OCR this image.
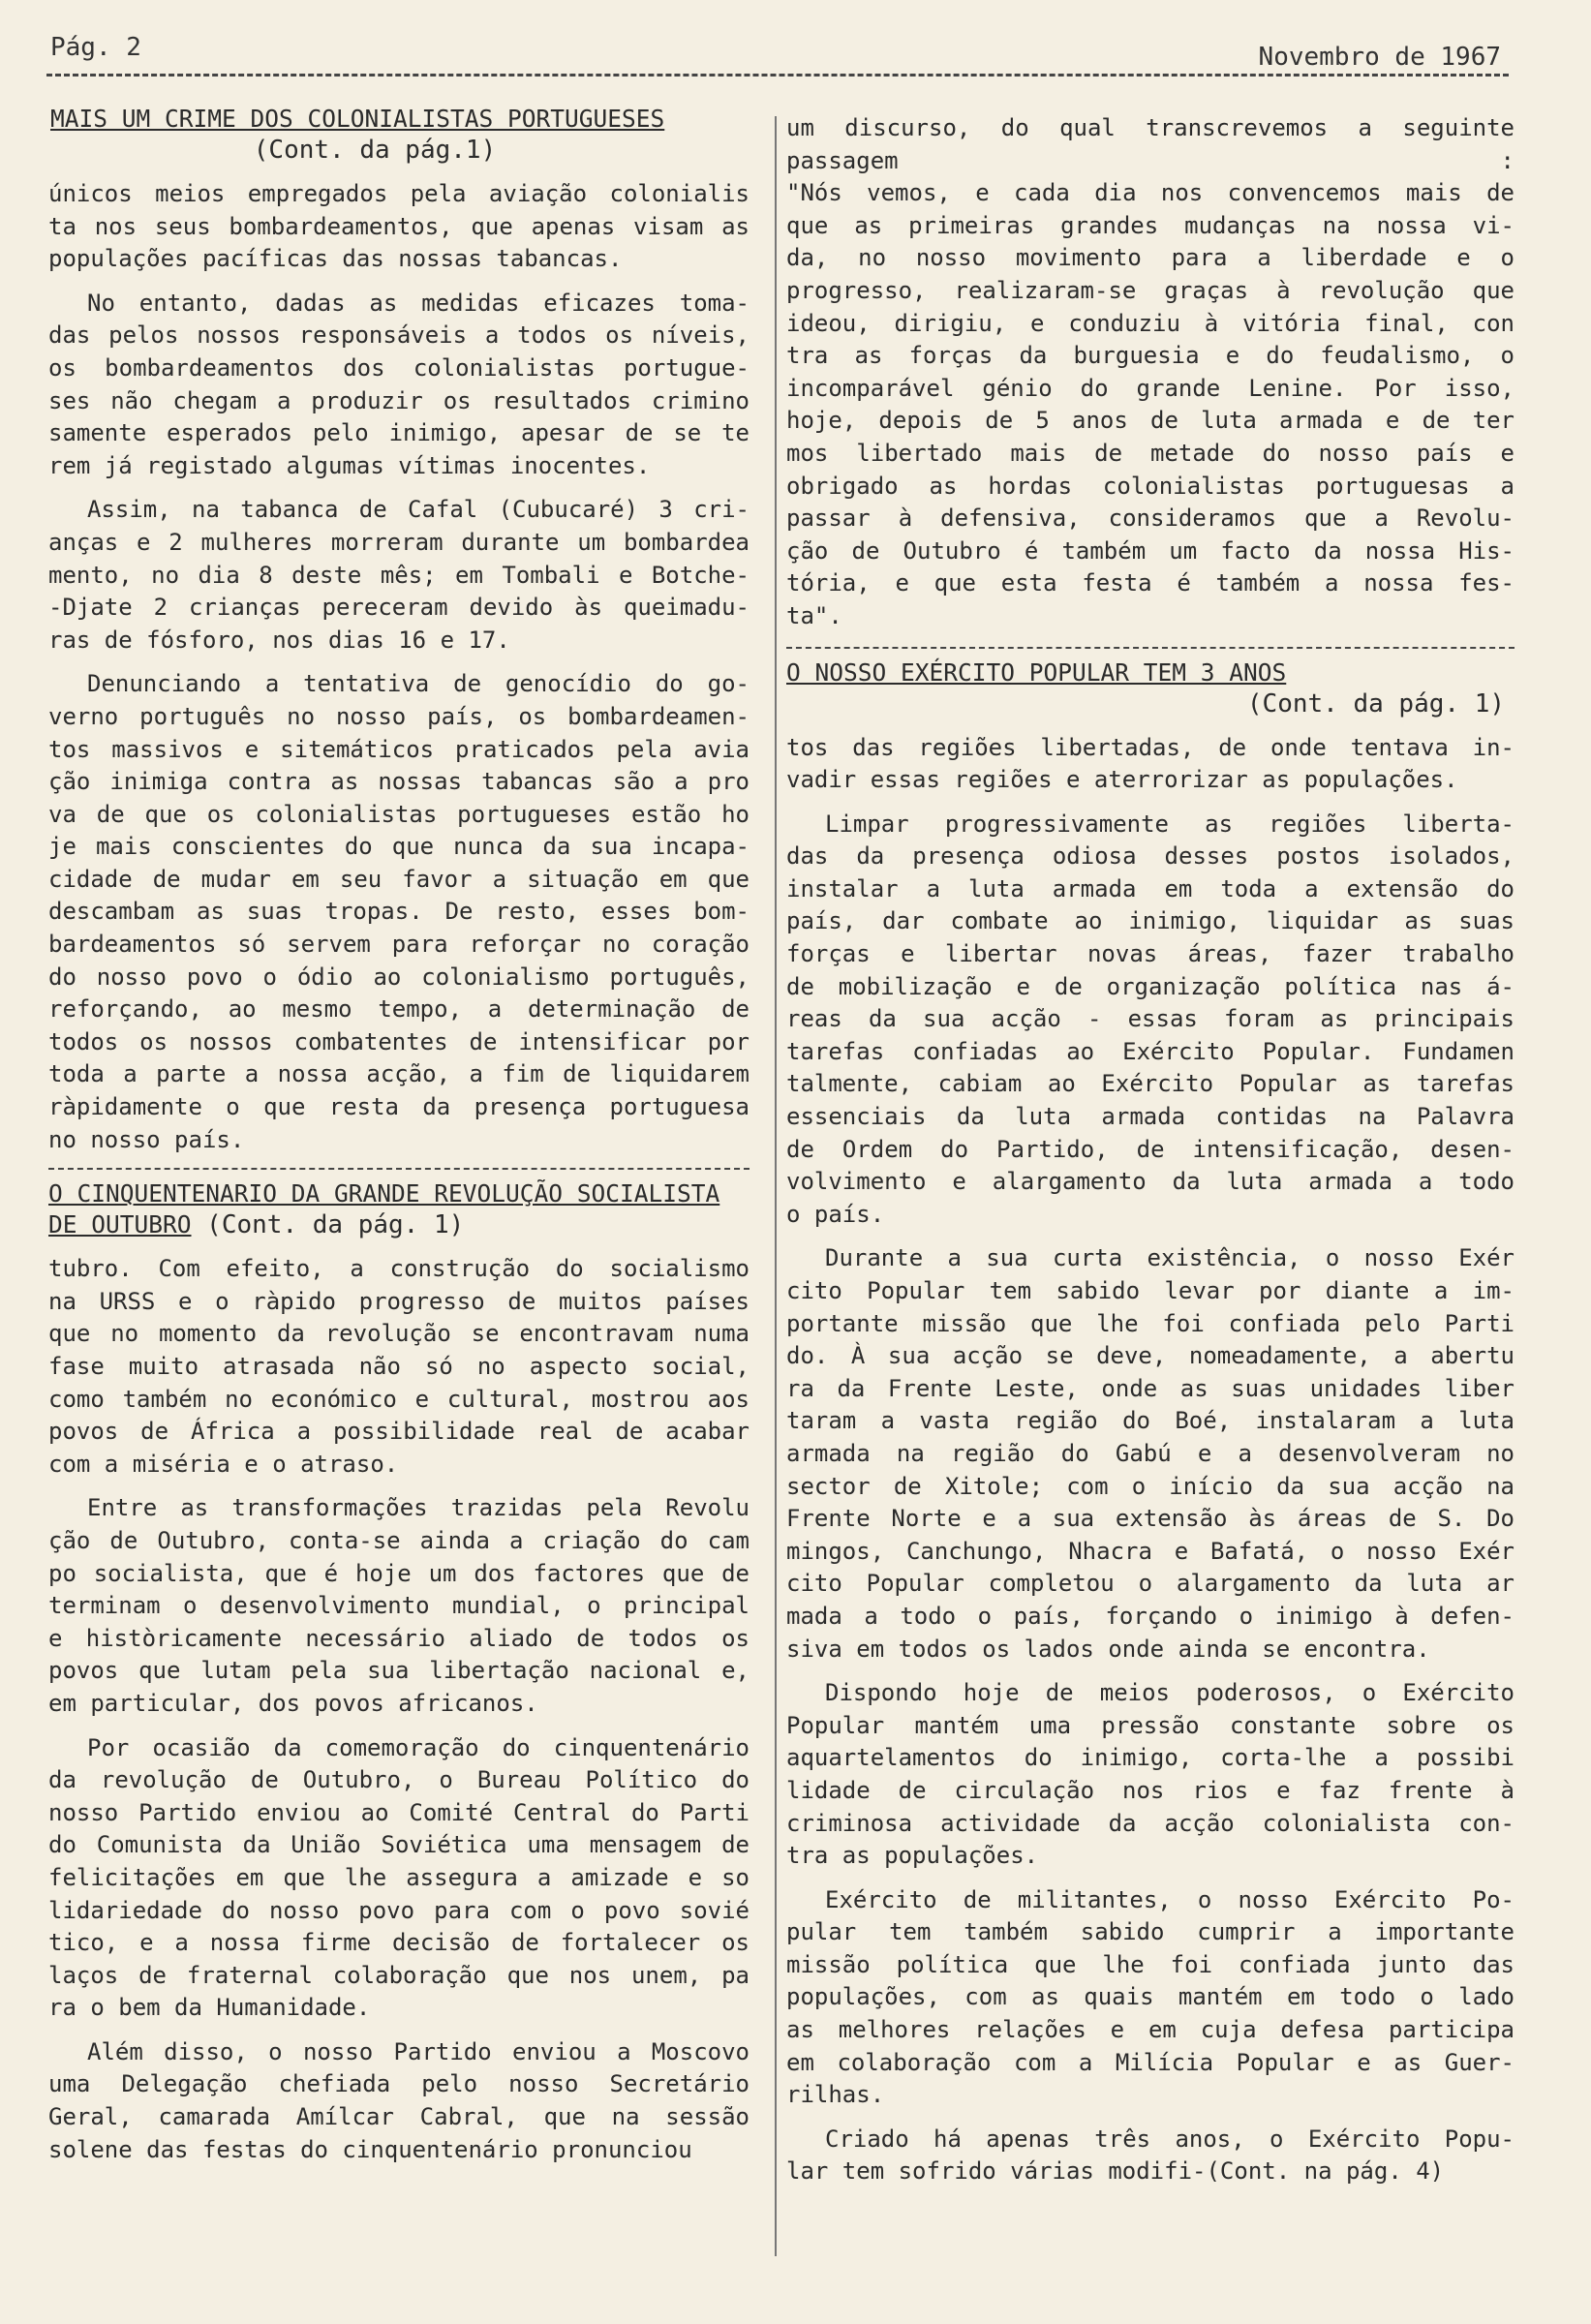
Pág. 2	Novembro de 1967
MAIS UM CRIME DOS COLONIALISTAS PORTUGUESES
(Cont. da pág.1)
únicos meios empregados pela aviação colonialis
ta nos seus bombardeamentos, que apenas visam as
populações pacíficas das nossas tabancas.
No entanto, dadas as medidas eficazes toma-
das pelos nossos responsáveis a todos os níveis,
os bombardeamentos dos colonialistas portugue-
ses não chegam a produzir os resultados crimino
samente esperados pelo inimigo, apesar de se te
rem já registado algumas vítimas inocentes.
Assim, na tabanca de Cafal (Cubucaré) 3 cri-
anças e 2 mulheres morreram durante um bombardea
mento, no dia 8 deste mês; em Tombali e Botche-
-Djate 2 crianças pereceram devido às queimadu-
ras de fósforo, nos dias 16 e 17.
Denunciando a tentativa de genocídio do go-
verno português no nosso país, os bombardeamen-
tos massivos e sitemáticos praticados pela avia
ção inimiga contra as nossas tabancas são a pro
va de que os colonialistas portugueses estão ho
je mais conscientes do que nunca da sua incapa-
cidade de mudar em seu favor a situação em que
descambam as suas tropas. De resto, esses bom-
bardeamentos só servem para reforçar no coração
do nosso povo o ódio ao colonialismo português,
reforçando, ao mesmo tempo, a determinação de
todos os nossos combatentes de intensificar por
toda a parte a nossa acção, a fim de liquidarem
ràpidamente o que resta da presença portuguesa
no nosso país.
O CINQUENTENARIO DA GRANDE REVOLUÇÃO SOCIALISTA
DE OUTUBRO (Cont. da pág. 1)
tubro. Com efeito, a construção do socialismo
na URSS e o ràpido progresso de muitos países
que no momento da revolução se encontravam numa
fase muito atrasada não só no aspecto social,
como também no económico e cultural, mostrou aos
povos de África a possibilidade real de acabar
com a miséria e o atraso.
Entre as transformações trazidas pela Revolu
ção de Outubro, conta-se ainda a criação do cam
po socialista, que é hoje um dos factores que de
terminam o desenvolvimento mundial, o principal
e històricamente necessário aliado de todos os
povos que lutam pela sua libertação nacional e,
em particular, dos povos africanos.
Por ocasião da comemoração do cinquentenário
da revolução de Outubro, o Bureau Político do
nosso Partido enviou ao Comité Central do Parti
do Comunista da União Soviética uma mensagem de
felicitações em que lhe assegura a amizade e so
lidariedade do nosso povo para com o povo sovié
tico, e a nossa firme decisão de fortalecer os
laços de fraternal colaboração que nos unem, pa
ra o bem da Humanidade.
Além disso, o nosso Partido enviou a Moscovo
uma Delegação chefiada pelo nosso Secretário
Geral, camarada Amílcar Cabral, que na sessão
solene das festas do cinquentenário pronunciou
um discurso, do qual transcrevemos a seguinte
passagem :
"Nós vemos, e cada dia nos convencemos mais de
que as primeiras grandes mudanças na nossa vi-
da, no nosso movimento para a liberdade e o
progresso, realizaram-se graças à revolução que
ideou, dirigiu, e conduziu à vitória final, con
tra as forças da burguesia e do feudalismo, o
incomparável génio do grande Lenine. Por isso,
hoje, depois de 5 anos de luta armada e de ter
mos libertado mais de metade do nosso país e
obrigado as hordas colonialistas portuguesas a
passar à defensiva, consideramos que a Revolu-
ção de Outubro é também um facto da nossa His-
tória, e que esta festa é também a nossa fes-
ta".
O NOSSO EXÉRCITO POPULAR TEM 3 ANOS
(Cont. da pág. 1)
tos das regiões libertadas, de onde tentava in-
vadir essas regiões e aterrorizar as populações.
Limpar progressivamente as regiões liberta-
das da presença odiosa desses postos isolados,
instalar a luta armada em toda a extensão do
país, dar combate ao inimigo, liquidar as suas
forças e libertar novas áreas, fazer trabalho
de mobilização e de organização política nas á-
reas da sua acção - essas foram as principais
tarefas confiadas ao Exército Popular. Fundamen
talmente, cabiam ao Exército Popular as tarefas
essenciais da luta armada contidas na Palavra
de Ordem do Partido, de intensificação, desen-
volvimento e alargamento da luta armada a todo
o país.
Durante a sua curta existência, o nosso Exér
cito Popular tem sabido levar por diante a im-
portante missão que lhe foi confiada pelo Parti
do. À sua acção se deve, nomeadamente, a abertu
ra da Frente Leste, onde as suas unidades liber
taram a vasta região do Boé, instalaram a luta
armada na região do Gabú e a desenvolveram no
sector de Xitole; com o início da sua acção na
Frente Norte e a sua extensão às áreas de S. Do
mingos, Canchungo, Nhacra e Bafatá, o nosso Exér
cito Popular completou o alargamento da luta ar
mada a todo o país, forçando o inimigo à defen-
siva em todos os lados onde ainda se encontra.
Dispondo hoje de meios poderosos, o Exército
Popular mantém uma pressão constante sobre os
aquartelamentos do inimigo, corta-lhe a possibi
lidade de circulação nos rios e faz frente à
criminosa actividade da acção colonialista con-
tra as populações.
Exército de militantes, o nosso Exército Po-
pular tem também sabido cumprir a importante
missão política que lhe foi confiada junto das
populações, com as quais mantém em todo o lado
as melhores relações e em cuja defesa participa
em colaboração com a Milícia Popular e as Guer-
rilhas.
Criado há apenas três anos, o Exército Popu-
lar tem sofrido várias modifi-(Cont. na pág. 4)
